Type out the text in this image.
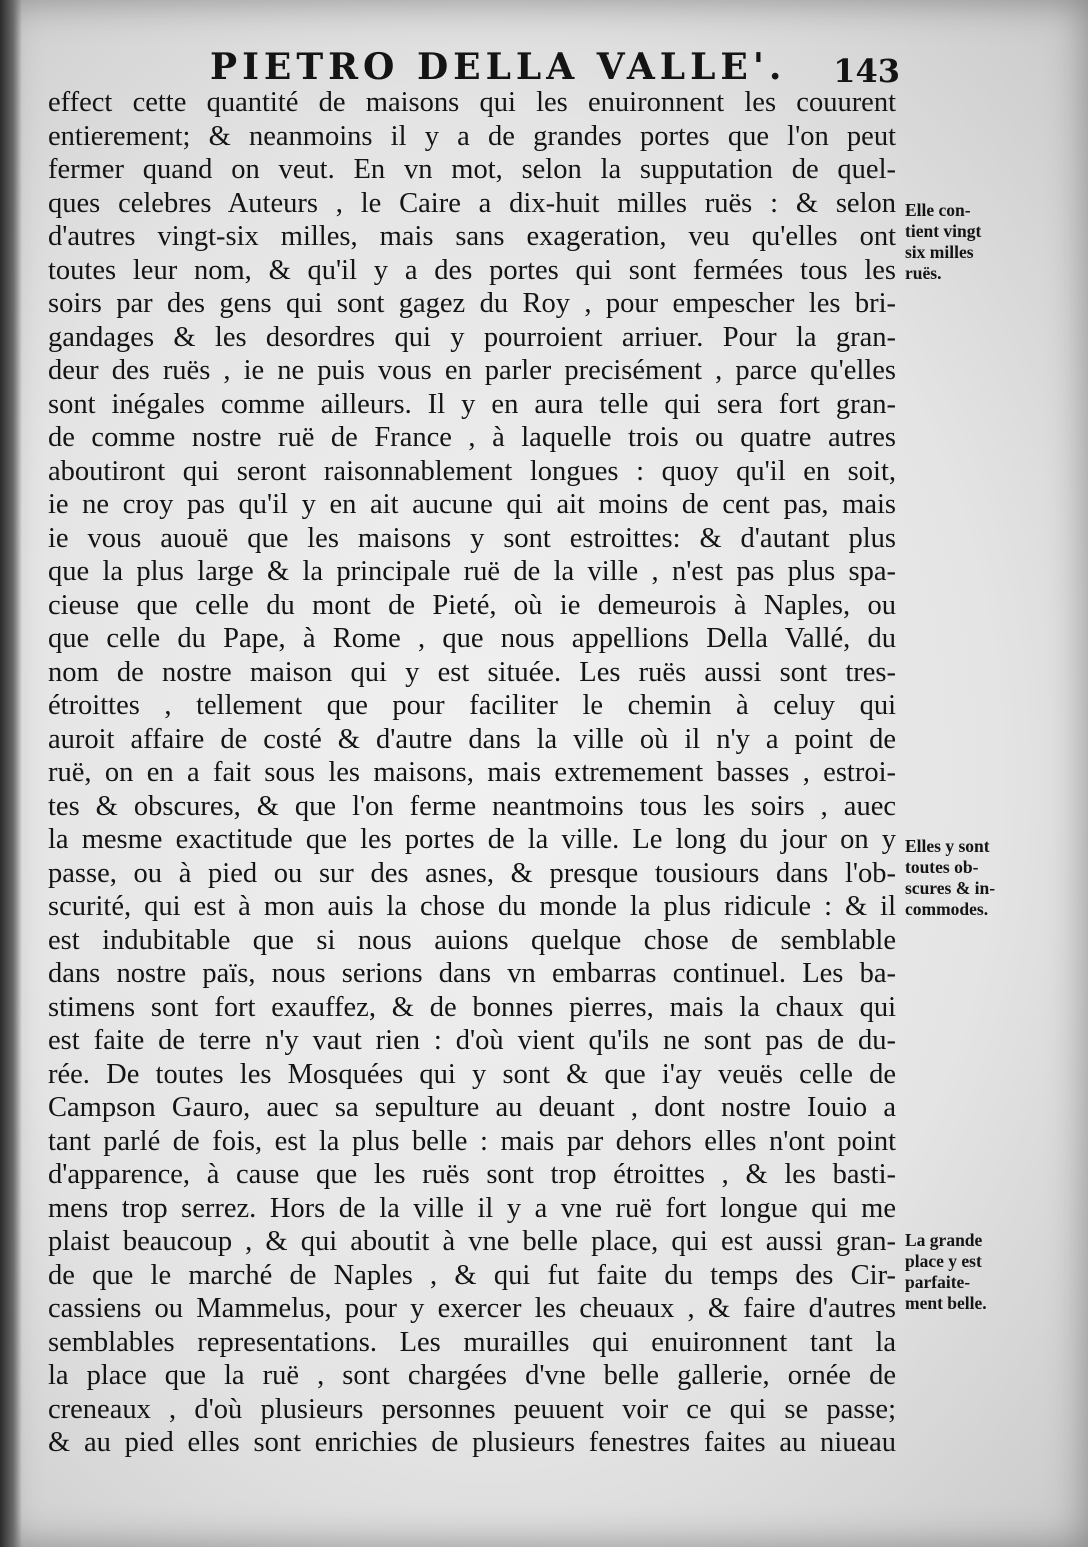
PIETRO DELLA VALLE'. 143
effect cette quantité de maisons qui les enuironnent les couurent
entierement; & neanmoins il y a de grandes portes que l'on peut
fermer quand on veut. En vn mot, selon la supputation de quel-
ques celebres Auteurs , le Caire a dix-huit milles ruës : & selon
d'autres vingt-six milles, mais sans exageration, veu qu'elles ont
toutes leur nom, & qu'il y a des portes qui sont fermées tous les
soirs par des gens qui sont gagez du Roy , pour empescher les bri-
gandages & les desordres qui y pourroient arriuer. Pour la gran-
deur des ruës , ie ne puis vous en parler precisément , parce qu'elles
sont inégales comme ailleurs. Il y en aura telle qui sera fort gran-
de comme nostre ruë de France , à laquelle trois ou quatre autres
aboutiront qui seront raisonnablement longues : quoy qu'il en soit,
ie ne croy pas qu'il y en ait aucune qui ait moins de cent pas, mais
ie vous auouë que les maisons y sont estroittes: & d'autant plus
que la plus large & la principale ruë de la ville , n'est pas plus spa-
cieuse que celle du mont de Pieté, où ie demeurois à Naples, ou
que celle du Pape, à Rome , que nous appellions Della Vallé, du
nom de nostre maison qui y est située. Les ruës aussi sont tres-
étroittes , tellement que pour faciliter le chemin à celuy qui
auroit affaire de costé & d'autre dans la ville où il n'y a point de
ruë, on en a fait sous les maisons, mais extremement basses , estroi-
tes & obscures, & que l'on ferme neantmoins tous les soirs , auec
la mesme exactitude que les portes de la ville. Le long du jour on y
passe, ou à pied ou sur des asnes, & presque tousiours dans l'ob-
scurité, qui est à mon auis la chose du monde la plus ridicule : & il
est indubitable que si nous auions quelque chose de semblable
dans nostre païs, nous serions dans vn embarras continuel. Les ba-
stimens sont fort exauffez, & de bonnes pierres, mais la chaux qui
est faite de terre n'y vaut rien : d'où vient qu'ils ne sont pas de du-
rée. De toutes les Mosquées qui y sont & que i'ay veuës celle de
Campson Gauro, auec sa sepulture au deuant , dont nostre Iouio a
tant parlé de fois, est la plus belle : mais par dehors elles n'ont point
d'apparence, à cause que les ruës sont trop étroittes , & les basti-
mens trop serrez. Hors de la ville il y a vne ruë fort longue qui me
plaist beaucoup , & qui aboutit à vne belle place, qui est aussi gran-
de que le marché de Naples , & qui fut faite du temps des Cir-
cassiens ou Mammelus, pour y exercer les cheuaux , & faire d'autres
semblables representations. Les murailles qui enuironnent tant la
la place que la ruë , sont chargées d'vne belle gallerie, ornée de
creneaux , d'où plusieurs personnes peuuent voir ce qui se passe;
& au pied elles sont enrichies de plusieurs fenestres faites au niueau
Elle con-
tient vingt
six milles
ruës.
Elles y sont
toutes ob-
scures & in-
commodes.
La grande
place y est
parfaite-
ment belle.
